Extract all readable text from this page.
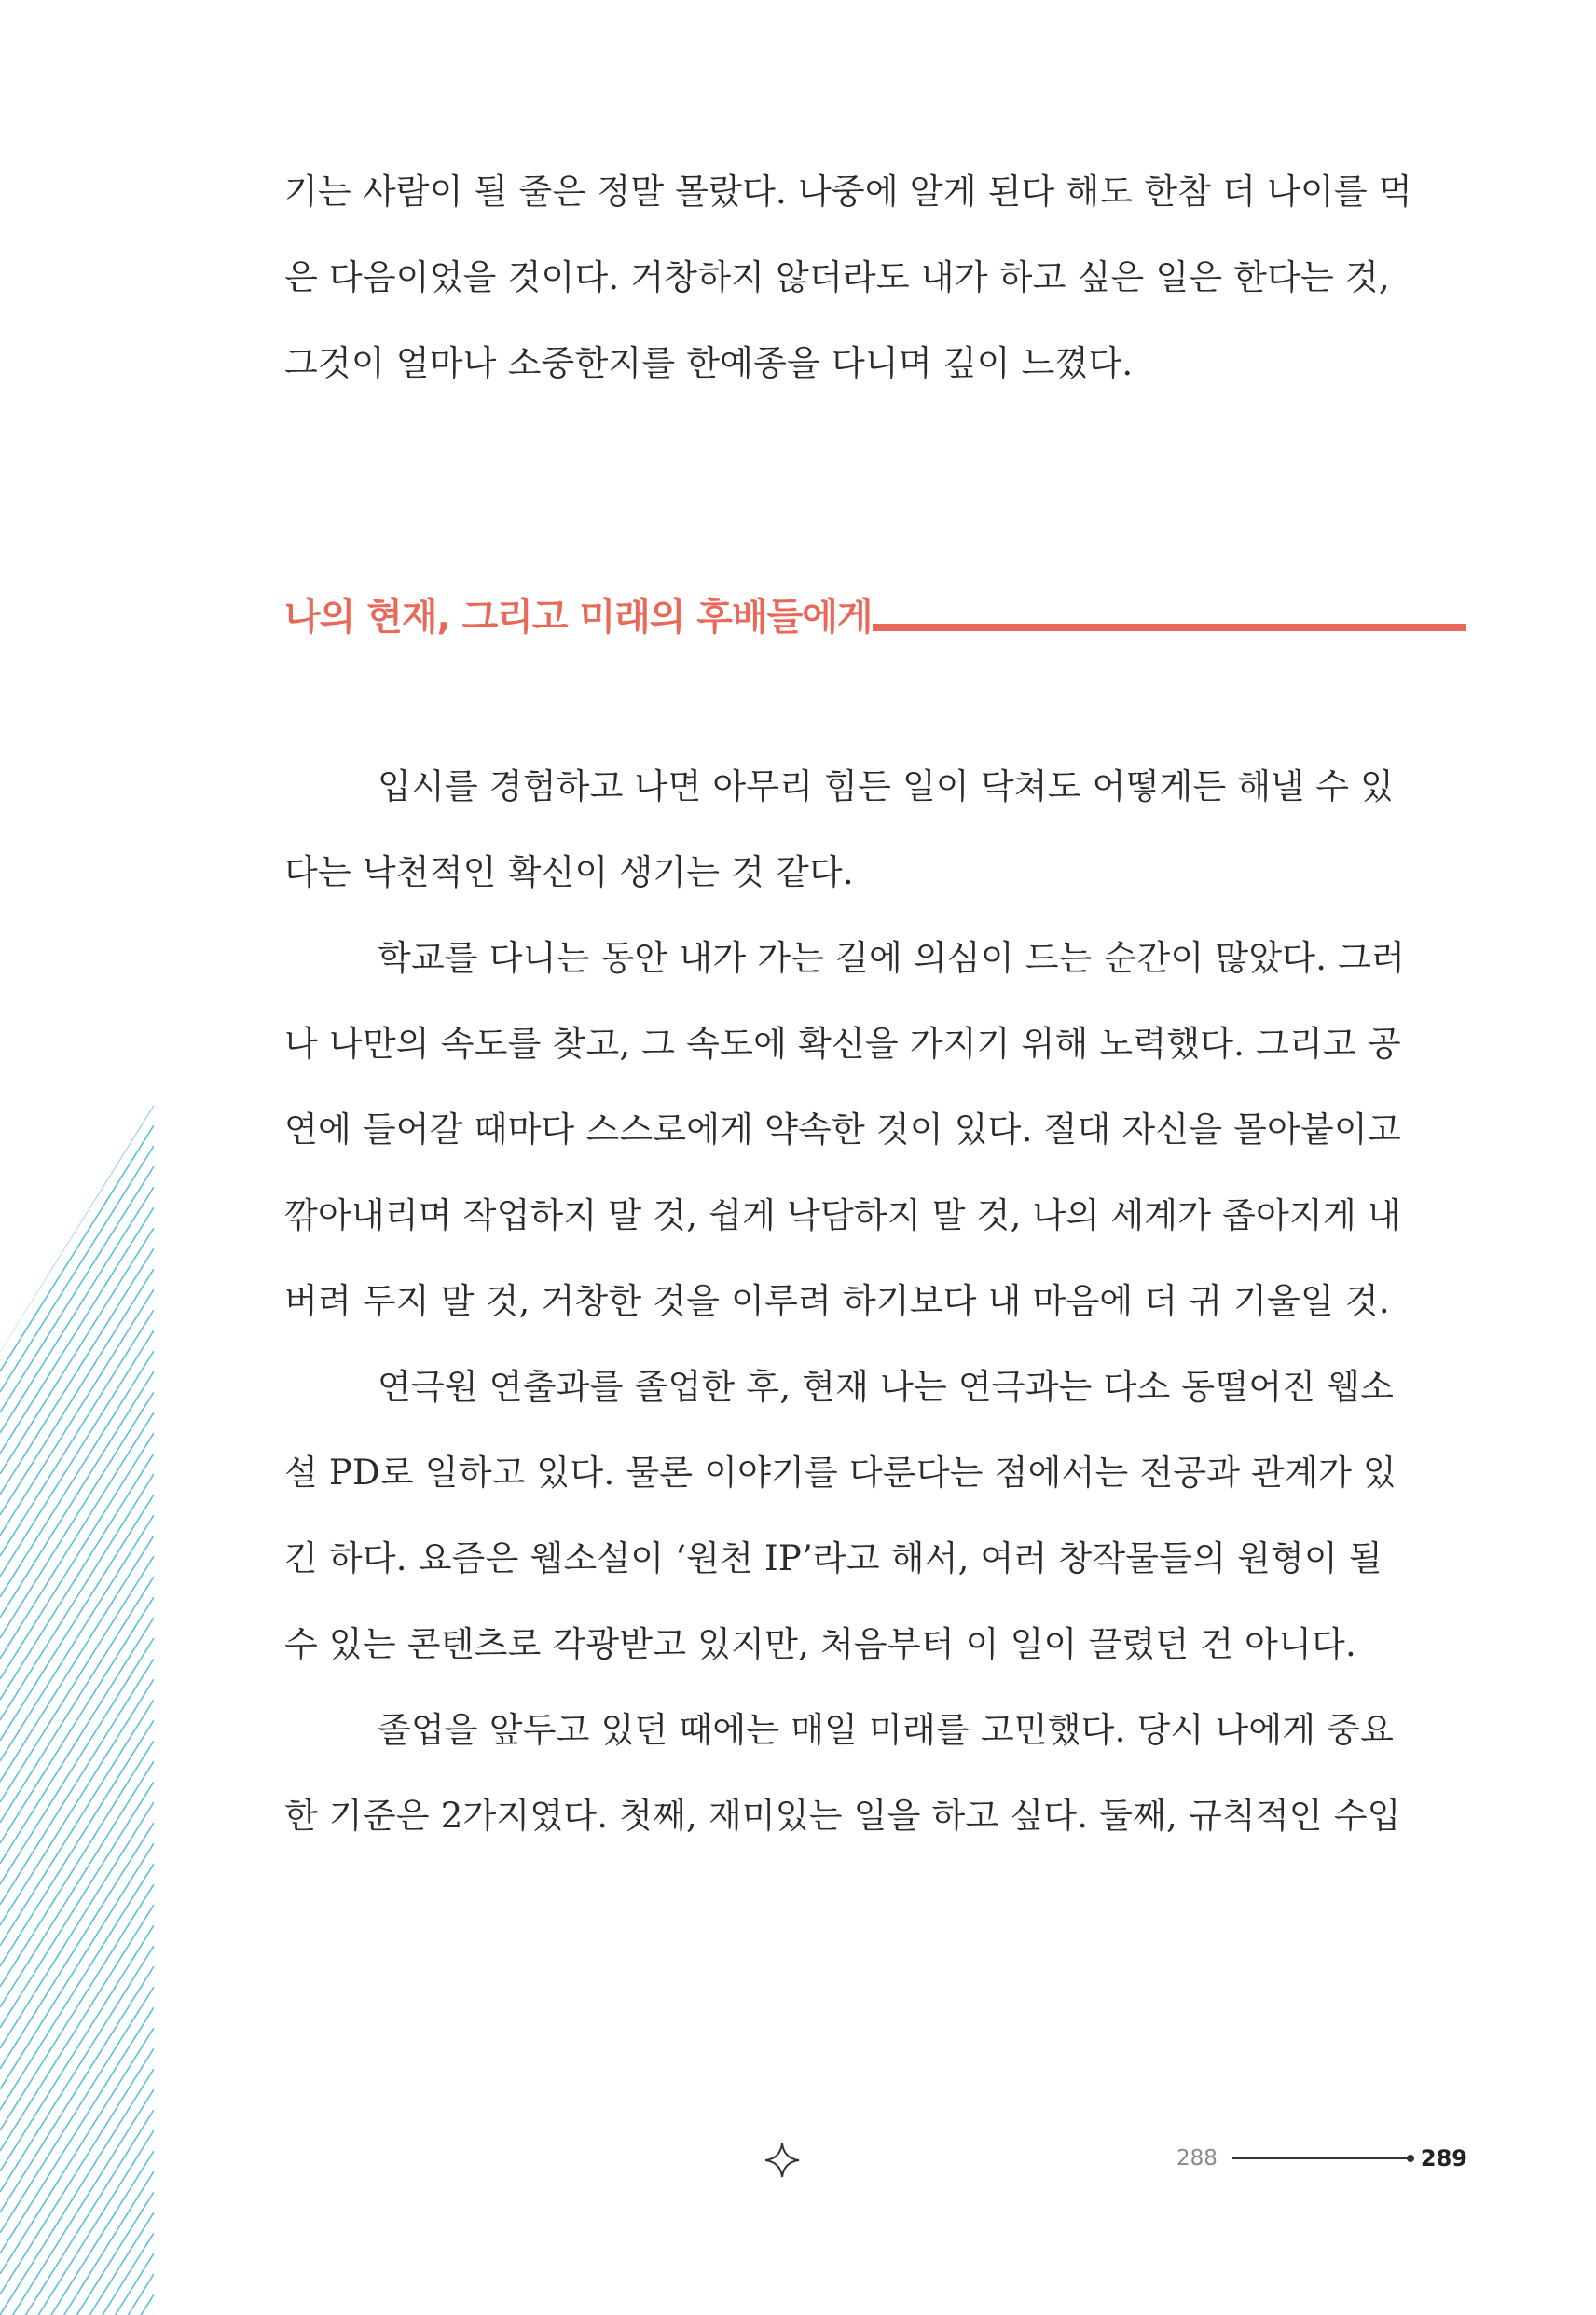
기는 사람이 될 줄은 정말 몰랐다. 나중에 알게 된다 해도 한참 더 나이를 먹
은 다음이었을 것이다. 거창하지 않더라도 내가 하고 싶은 일은 한다는 것,
그것이 얼마나 소중한지를 한예종을 다니며 깊이 느꼈다.
나의 현재, 그리고 미래의 후배들에게
입시를 경험하고 나면 아무리 힘든 일이 닥쳐도 어떻게든 해낼 수 있
다는 낙천적인 확신이 생기는 것 같다.
학교를 다니는 동안 내가 가는 길에 의심이 드는 순간이 많았다. 그러
나 나만의 속도를 찾고, 그 속도에 확신을 가지기 위해 노력했다. 그리고 공
연에 들어갈 때마다 스스로에게 약속한 것이 있다. 절대 자신을 몰아붙이고
깎아내리며 작업하지 말 것, 쉽게 낙담하지 말 것, 나의 세계가 좁아지게 내
버려 두지 말 것, 거창한 것을 이루려 하기보다 내 마음에 더 귀 기울일 것.
연극원 연출과를 졸업한 후, 현재 나는 연극과는 다소 동떨어진 웹소
설 PD로 일하고 있다. 물론 이야기를 다룬다는 점에서는 전공과 관계가 있
긴 하다. 요즘은 웹소설이 ‘원천 IP’라고 해서, 여러 창작물들의 원형이 될
수 있는 콘텐츠로 각광받고 있지만, 처음부터 이 일이 끌렸던 건 아니다.
졸업을 앞두고 있던 때에는 매일 미래를 고민했다. 당시 나에게 중요
한 기준은 2가지였다. 첫째, 재미있는 일을 하고 싶다. 둘째, 규칙적인 수입
288	289
